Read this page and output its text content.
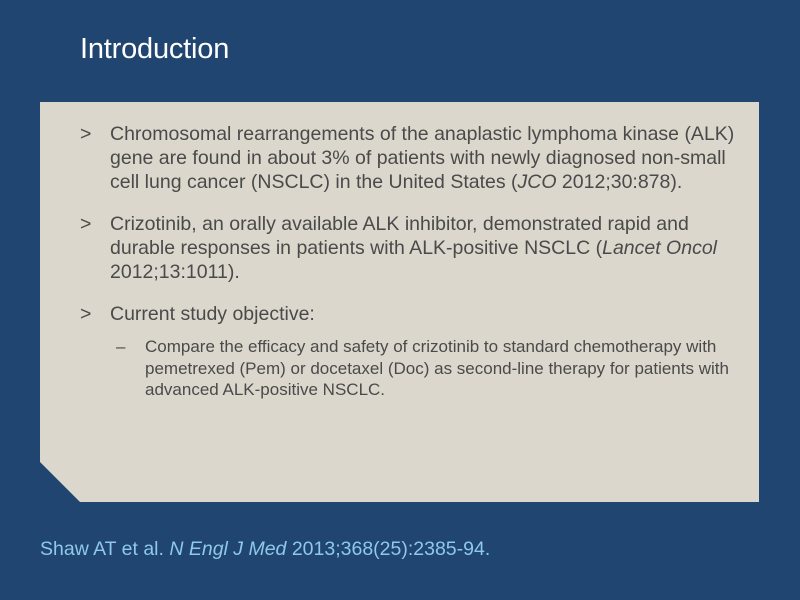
Introduction
> Chromosomal rearrangements of the anaplastic lymphoma kinase (ALK) gene are found in about 3% of patients with newly diagnosed non-small cell lung cancer (NSCLC) in the United States (JCO 2012;30:878).
> Crizotinib, an orally available ALK inhibitor, demonstrated rapid and durable responses in patients with ALK-positive NSCLC (Lancet Oncol 2012;13:1011).
> Current study objective:
– Compare the efficacy and safety of crizotinib to standard chemotherapy with pemetrexed (Pem) or docetaxel (Doc) as second-line therapy for patients with advanced ALK-positive NSCLC.
Shaw AT et al. N Engl J Med 2013;368(25):2385-94.
